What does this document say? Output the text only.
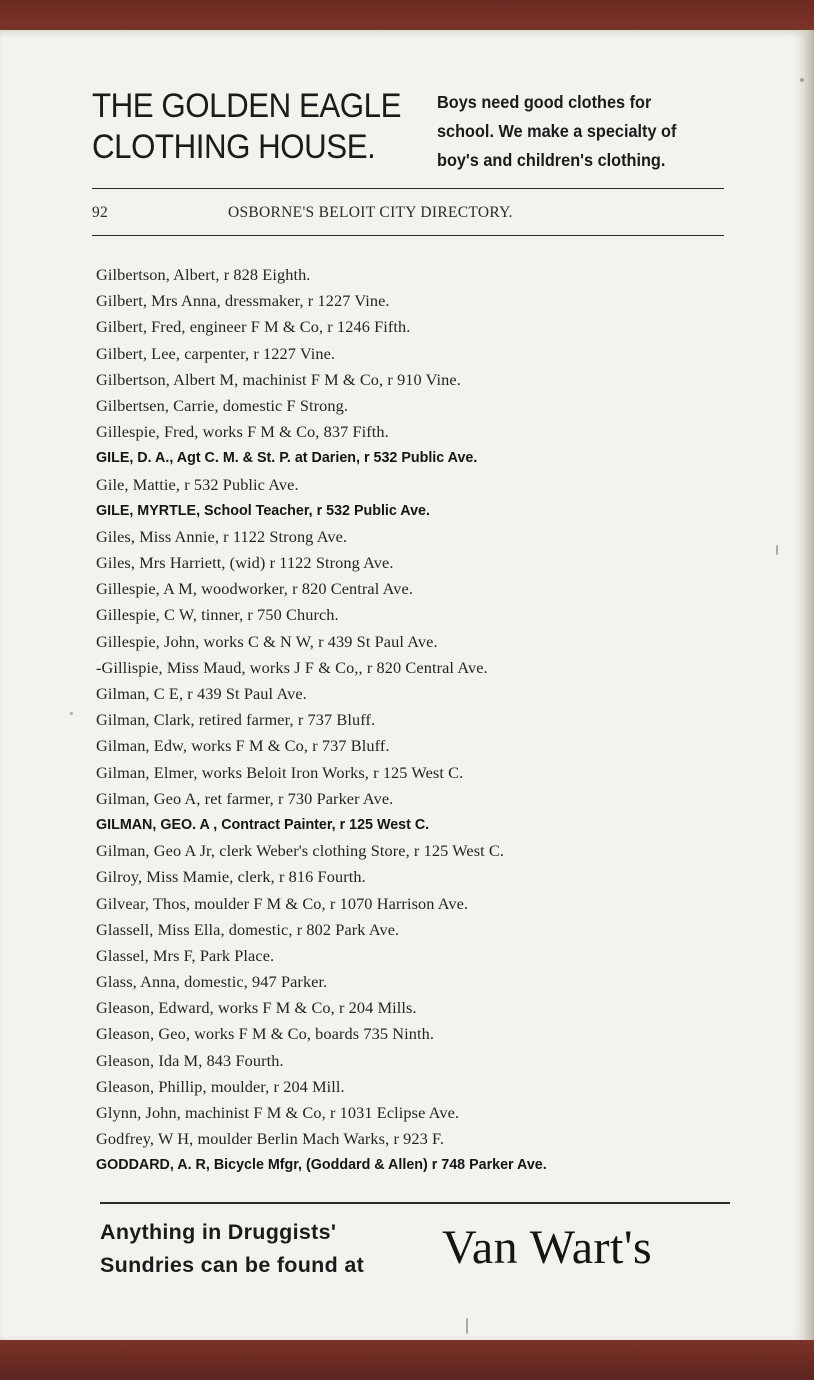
THE GOLDEN EAGLE
CLOTHING HOUSE.
Boys need good clothes for
school. We make a specialty of
boy's and children's clothing.
92	OSBORNE'S BELOIT CITY DIRECTORY.
Gilbertson, Albert, r 828 Eighth.
Gilbert, Mrs Anna, dressmaker, r 1227 Vine.
Gilbert, Fred, engineer F M & Co, r 1246 Fifth.
Gilbert, Lee, carpenter, r 1227 Vine.
Gilbertson, Albert M, machinist F M & Co, r 910 Vine.
Gilbertsen, Carrie, domestic F Strong.
Gillespie, Fred, works F M & Co, 837 Fifth.
GILE, D. A., Agt C. M. & St. P. at Darien, r 532 Public Ave.
Gile, Mattie, r 532 Public Ave.
GILE, MYRTLE, School Teacher, r 532 Public Ave.
Giles, Miss Annie, r 1122 Strong Ave.
Giles, Mrs Harriett, (wid) r 1122 Strong Ave.
Gillespie, A M, woodworker, r 820 Central Ave.
Gillespie, C W, tinner, r 750 Church.
Gillespie, John, works C & N W, r 439 St Paul Ave.
-Gillispie, Miss Maud, works J F & Co,, r 820 Central Ave.
Gilman, C E, r 439 St Paul Ave.
Gilman, Clark, retired farmer, r 737 Bluff.
Gilman, Edw, works F M & Co, r 737 Bluff.
Gilman, Elmer, works Beloit Iron Works, r 125 West C.
Gilman, Geo A, ret farmer, r 730 Parker Ave.
GILMAN, GEO. A , Contract Painter, r 125 West C.
Gilman, Geo A Jr, clerk Weber's clothing Store, r 125 West C.
Gilroy, Miss Mamie, clerk, r 816 Fourth.
Gilvear, Thos, moulder F M & Co, r 1070 Harrison Ave.
Glassell, Miss Ella, domestic, r 802 Park Ave.
Glassel, Mrs F, Park Place.
Glass, Anna, domestic, 947 Parker.
Gleason, Edward, works F M & Co, r 204 Mills.
Gleason, Geo, works F M & Co, boards 735 Ninth.
Gleason, Ida M, 843 Fourth.
Gleason, Phillip, moulder, r 204 Mill.
Glynn, John, machinist F M & Co, r 1031 Eclipse Ave.
Godfrey, W H, moulder Berlin Mach Warks, r 923 F.
GODDARD, A. R, Bicycle Mfgr, (Goddard & Allen) r 748 Parker Ave.
Anything in Druggists'
Sundries can be found at	Van Wart's
